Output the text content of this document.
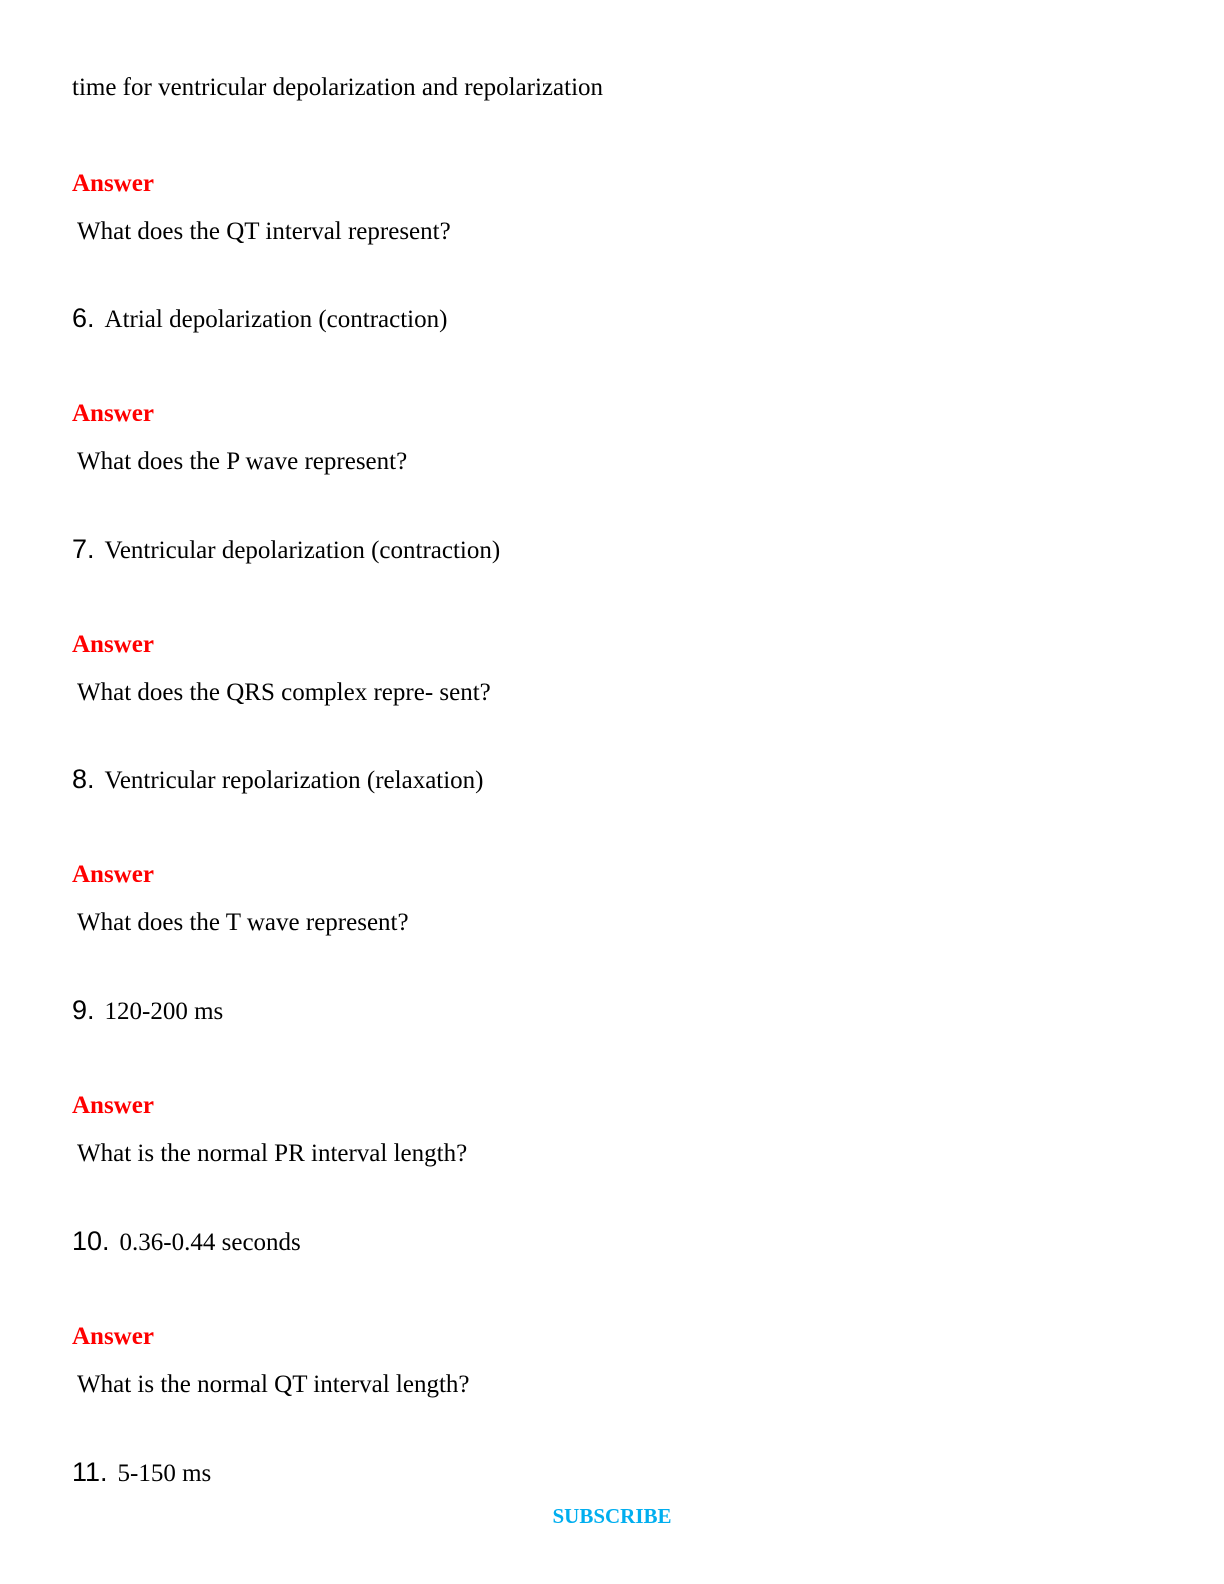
time for ventricular depolarization and repolarization
Answer
What does the QT interval represent?
6. Atrial depolarization (contraction)
Answer
What does the P wave represent?
7. Ventricular depolarization (contraction)
Answer
What does the QRS complex repre- sent?
8. Ventricular repolarization (relaxation)
Answer
What does the T wave represent?
9. 120-200 ms
Answer
What is the normal PR interval length?
10. 0.36-0.44 seconds
Answer
What is the normal QT interval length?
11. 5-150 ms
SUBSCRIBE
